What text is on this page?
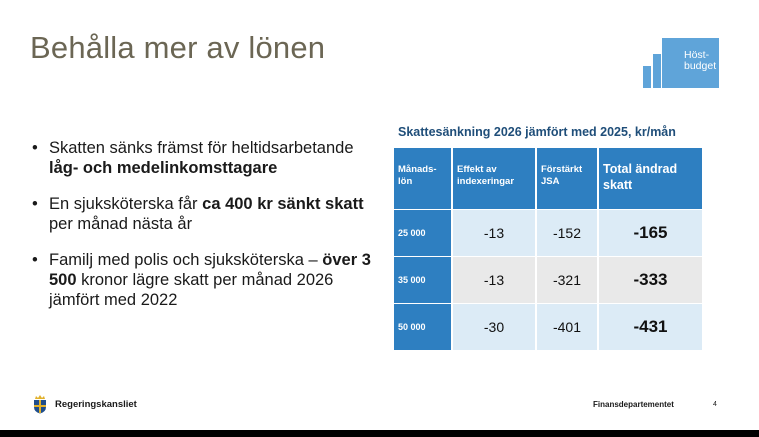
Behålla mer av lönen	Höst-
budget
• Skatten sänks främst för heltidsarbetande låg- och medelinkomsttagare
• En sjuksköterska får ca 400 kr sänkt skatt per månad nästa år
• Familj med polis och sjuksköterska – över 3 500 kronor lägre skatt per månad 2026 jämfört med 2022
Skattesänkning 2026 jämfört med 2025, kr/mån
Månads-lön	Effekt av indexeringar	Förstärkt JSA	Total ändrad skatt
25 000	-13	-152	-165
35 000	-13	-321	-333
50 000	-30	-401	-431
Regeringskansliet	Finansdepartementet	4
